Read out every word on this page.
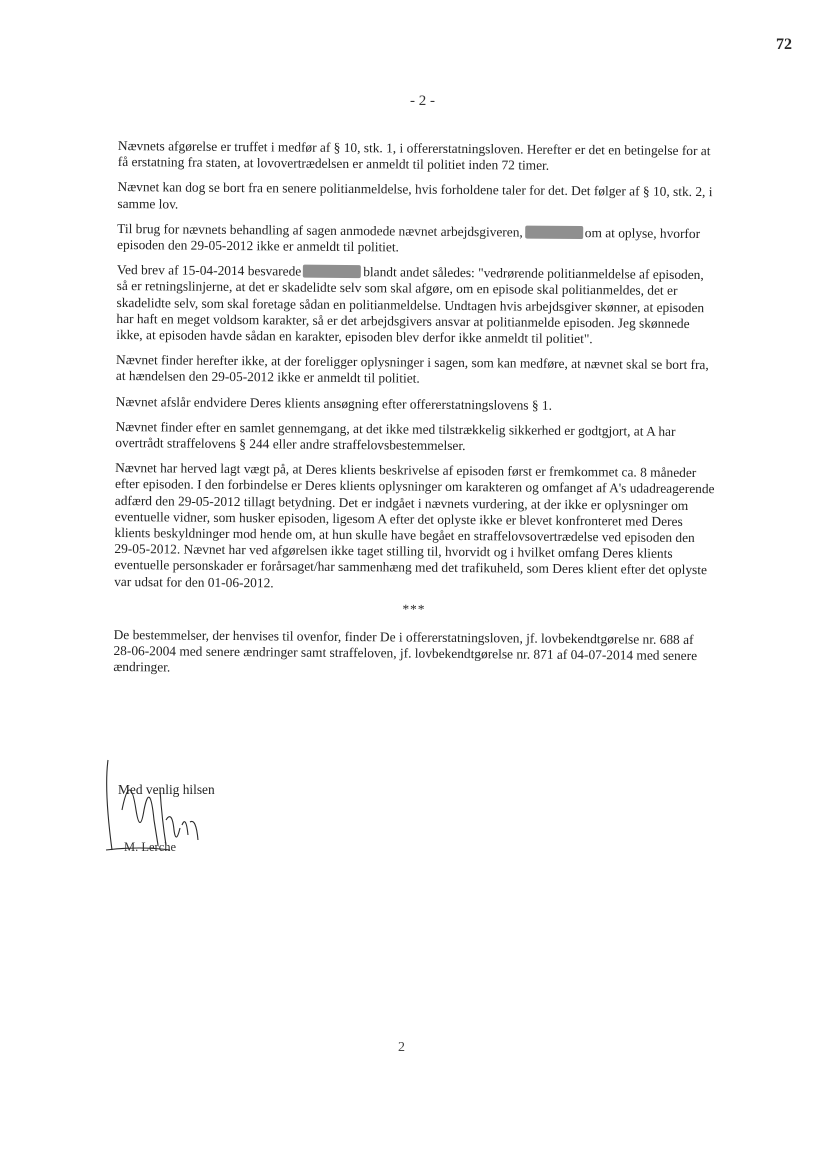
72
- 2 -

Nævnets afgørelse er truffet i medfør af § 10, stk. 1, i offererstatningsloven. Herefter er det en betingelse for at få erstatning fra staten, at lovovertrædelsen er anmeldt til politiet inden 72 timer.

Nævnet kan dog se bort fra en senere politianmeldelse, hvis forholdene taler for det. Det følger af § 10, stk. 2, i samme lov.

Til brug for nævnets behandling af sagen anmodede nævnet arbejdsgiveren,	om at oplyse, hvorfor episoden den 29-05-2012 ikke er anmeldt til politiet.

Ved brev af 15-04-2014 besvarede	blandt andet således: "vedrørende politianmeldelse af episoden, så er retningslinjerne, at det er skadelidte selv som skal afgøre, om en episode skal politianmeldes, det er skadelidte selv, som skal foretage sådan en politianmeldelse. Undtagen hvis arbejdsgiver skønner, at episoden har haft en meget voldsom karakter, så er det arbejdsgivers ansvar at politianmelde episoden. Jeg skønnede ikke, at episoden havde sådan en karakter, episoden blev derfor ikke anmeldt til politiet".

Nævnet finder herefter ikke, at der foreligger oplysninger i sagen, som kan medføre, at nævnet skal se bort fra, at hændelsen den 29-05-2012 ikke er anmeldt til politiet.

Nævnet afslår endvidere Deres klients ansøgning efter offererstatningslovens § 1.

Nævnet finder efter en samlet gennemgang, at det ikke med tilstrækkelig sikkerhed er godtgjort, at A har overtrådt straffelovens § 244 eller andre straffelovsbestemmelser.

Nævnet har herved lagt vægt på, at Deres klients beskrivelse af episoden først er fremkommet ca. 8 måneder efter episoden. I den forbindelse er Deres klients oplysninger om karakteren og omfanget af A's udadreagerende adfærd den 29-05-2012 tillagt betydning. Det er indgået i nævnets vurdering, at der ikke er oplysninger om eventuelle vidner, som husker episoden, ligesom A efter det oplyste ikke er blevet konfronteret med Deres klients beskyldninger mod hende om, at hun skulle have begået en straffelovsovertrædelse ved episoden den 29-05-2012. Nævnet har ved afgørelsen ikke taget stilling til, hvorvidt og i hvilket omfang Deres klients eventuelle personskader er forårsaget/har sammenhæng med det trafikuheld, som Deres klient efter det oplyste var udsat for den 01-06-2012.

***

De bestemmelser, der henvises til ovenfor, finder De i offererstatningsloven, jf. lovbekendtgørelse nr. 688 af 28-06-2004 med senere ændringer samt straffeloven, jf. lovbekendtgørelse nr. 871 af 04-07-2014 med senere ændringer.

Med venlig hilsen
M. Lerche
2
